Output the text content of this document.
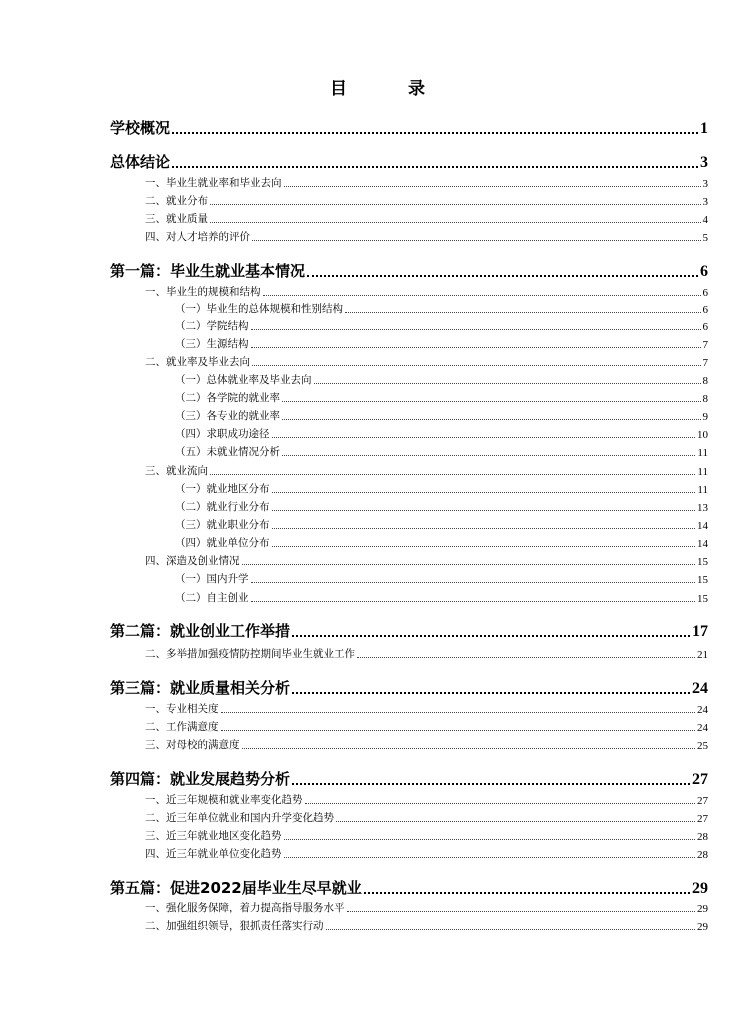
目　录
学校概况	1
总体结论	3
一、毕业生就业率和毕业去向	3
二、就业分布	3
三、就业质量	4
四、对人才培养的评价	5
第一篇：毕业生就业基本情况	6
一、毕业生的规模和结构	6
（一）毕业生的总体规模和性别结构	6
（二）学院结构	6
（三）生源结构	7
二、就业率及毕业去向	7
（一）总体就业率及毕业去向	8
（二）各学院的就业率	8
（三）各专业的就业率	9
（四）求职成功途径	10
（五）未就业情况分析	11
三、就业流向	11
（一）就业地区分布	11
（二）就业行业分布	13
（三）就业职业分布	14
（四）就业单位分布	14
四、深造及创业情况	15
（一）国内升学	15
（二）自主创业	15
第二篇：就业创业工作举措	17
二、多举措加强疫情防控期间毕业生就业工作	21
第三篇：就业质量相关分析	24
一、专业相关度	24
二、工作满意度	24
三、对母校的满意度	25
第四篇：就业发展趋势分析	27
一、近三年规模和就业率变化趋势	27
二、近三年单位就业和国内升学变化趋势	27
三、近三年就业地区变化趋势	28
四、近三年就业单位变化趋势	28
第五篇：促进2022届毕业生尽早就业	29
一、强化服务保障，着力提高指导服务水平	29
二、加强组织领导，狠抓责任落实行动	29
